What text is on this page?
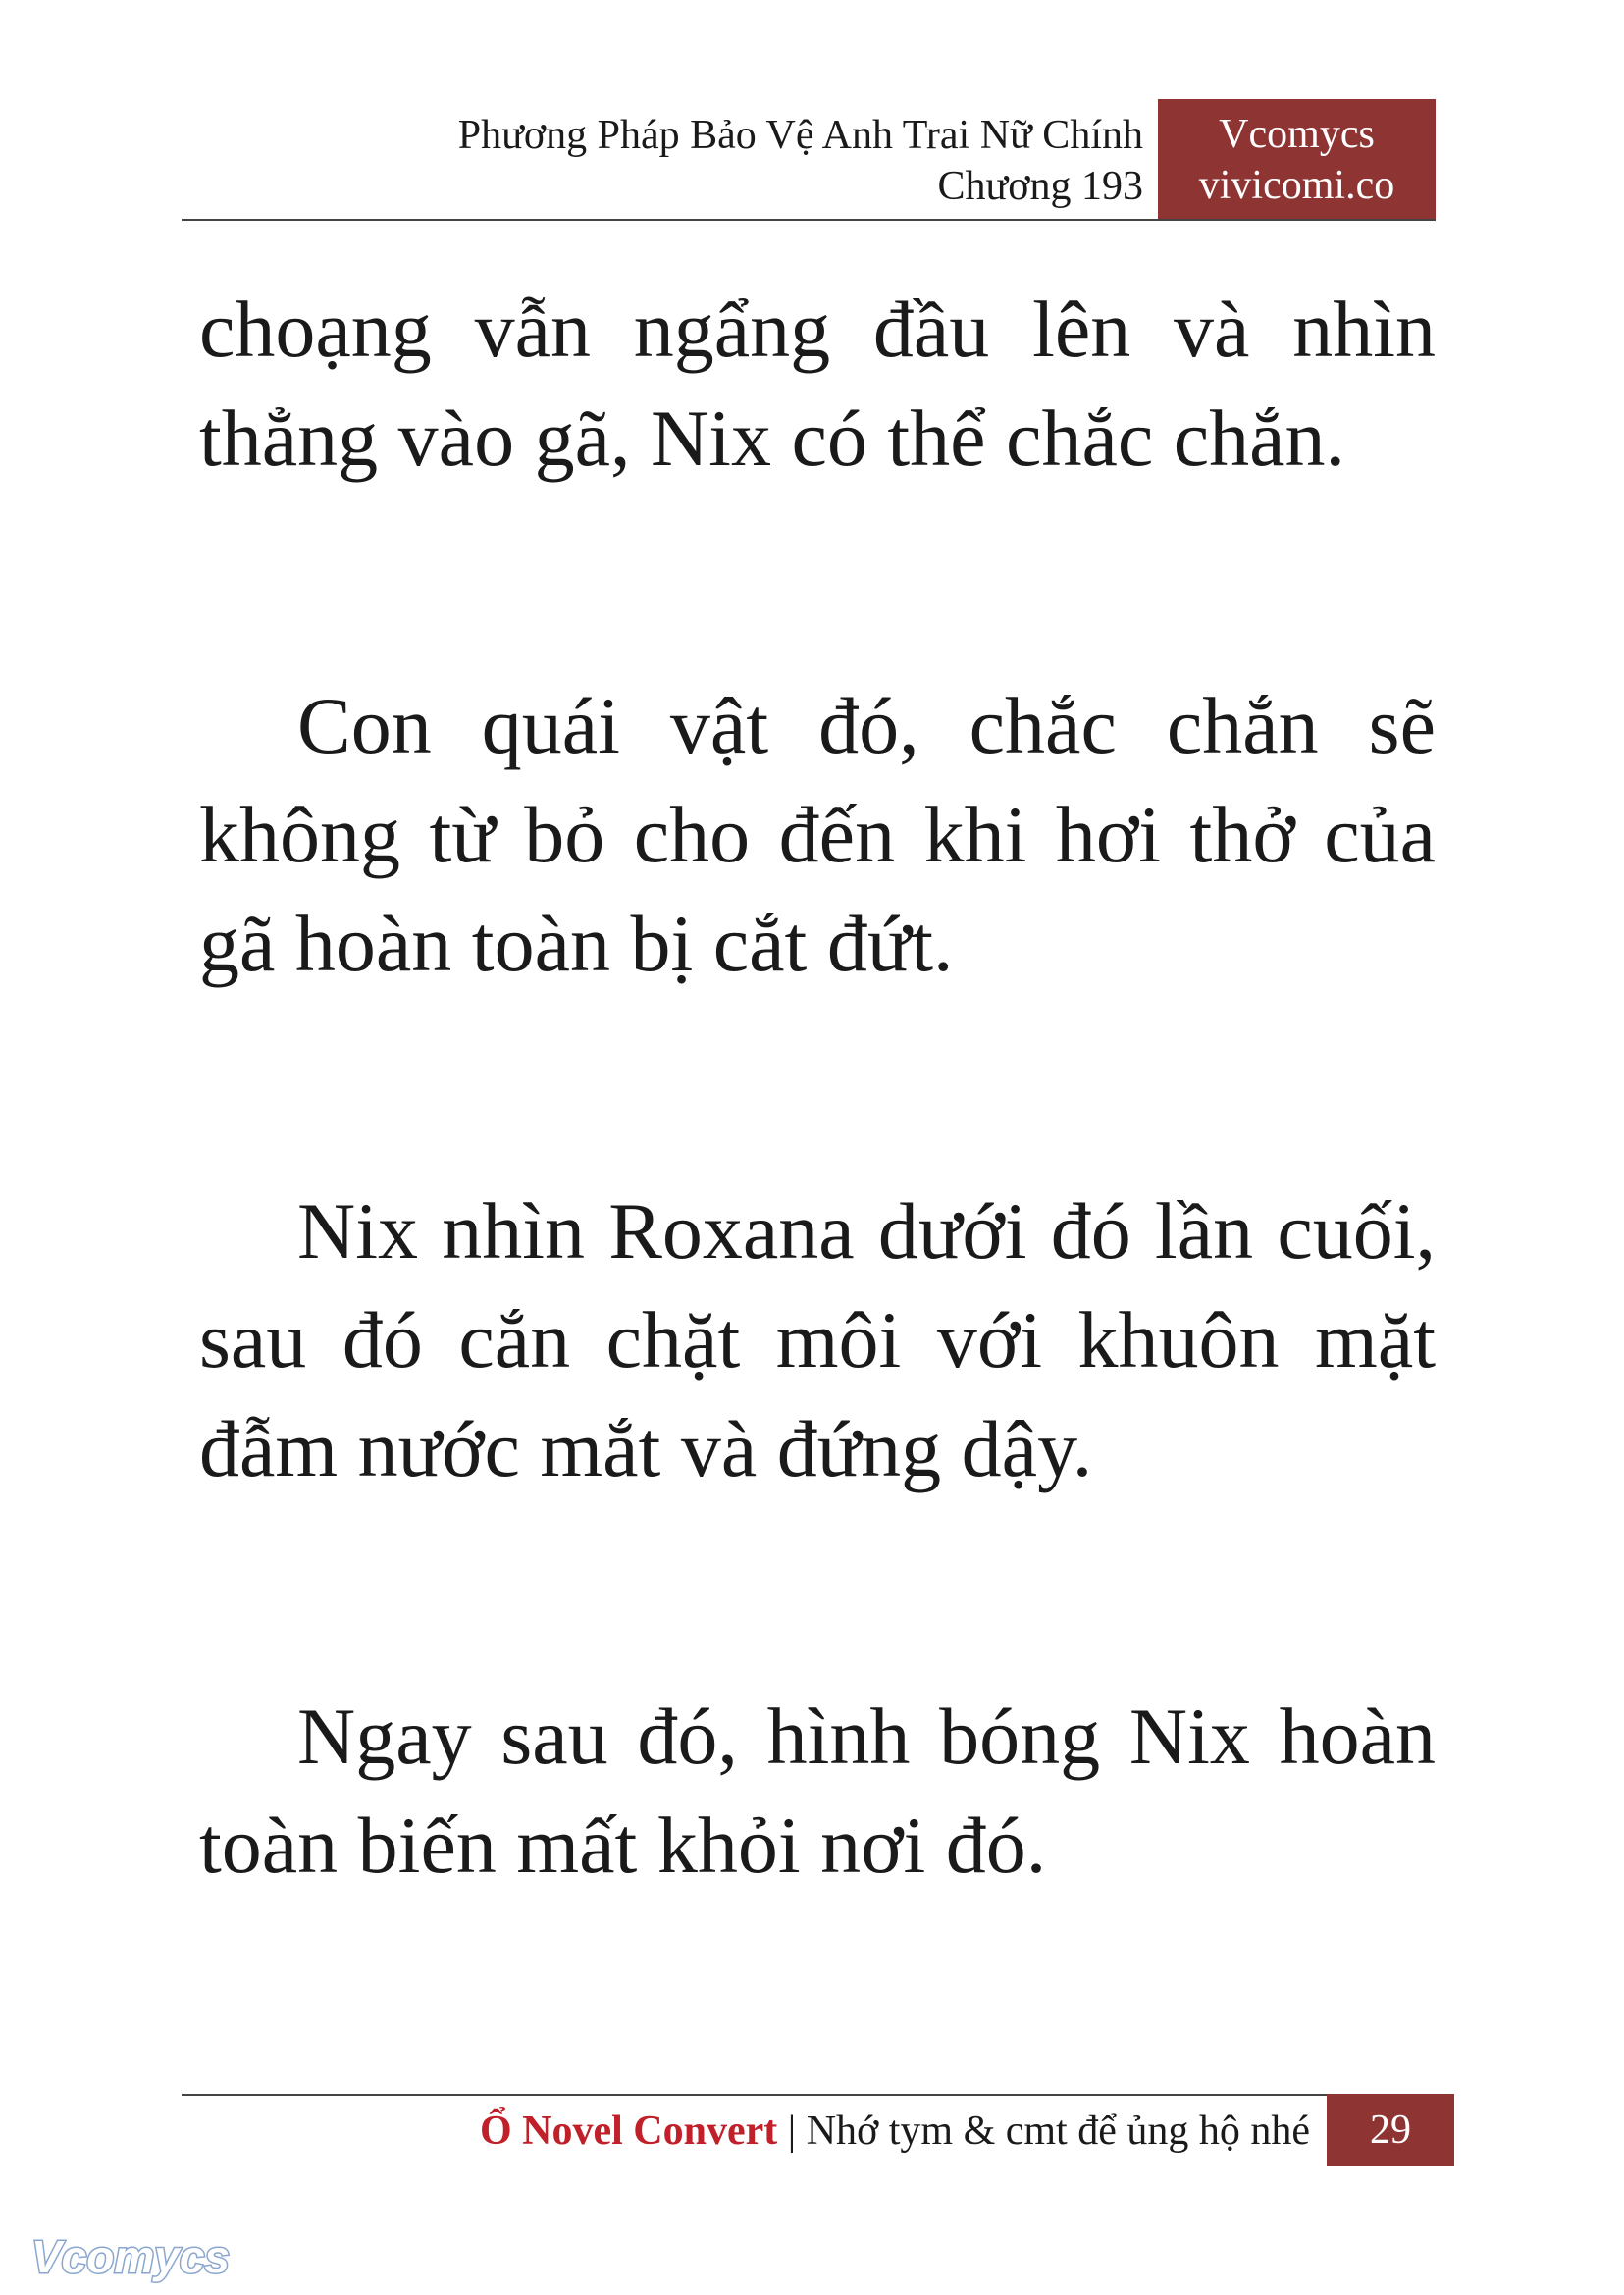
Phương Pháp Bảo Vệ Anh Trai Nữ Chính
Chương 193
Vcomycs
vivicomi.co

choạng vẫn ngẩng đầu lên và nhìn thẳng vào gã, Nix có thể chắc chắn.

Con quái vật đó, chắc chắn sẽ không từ bỏ cho đến khi hơi thở của gã hoàn toàn bị cắt đứt.

Nix nhìn Roxana dưới đó lần cuối, sau đó cắn chặt môi với khuôn mặt đẫm nước mắt và đứng dậy.

Ngay sau đó, hình bóng Nix hoàn toàn biến mất khỏi nơi đó.

Ổ Novel Convert | Nhớ tym & cmt để ủng hộ nhé	29
Vcomycs
